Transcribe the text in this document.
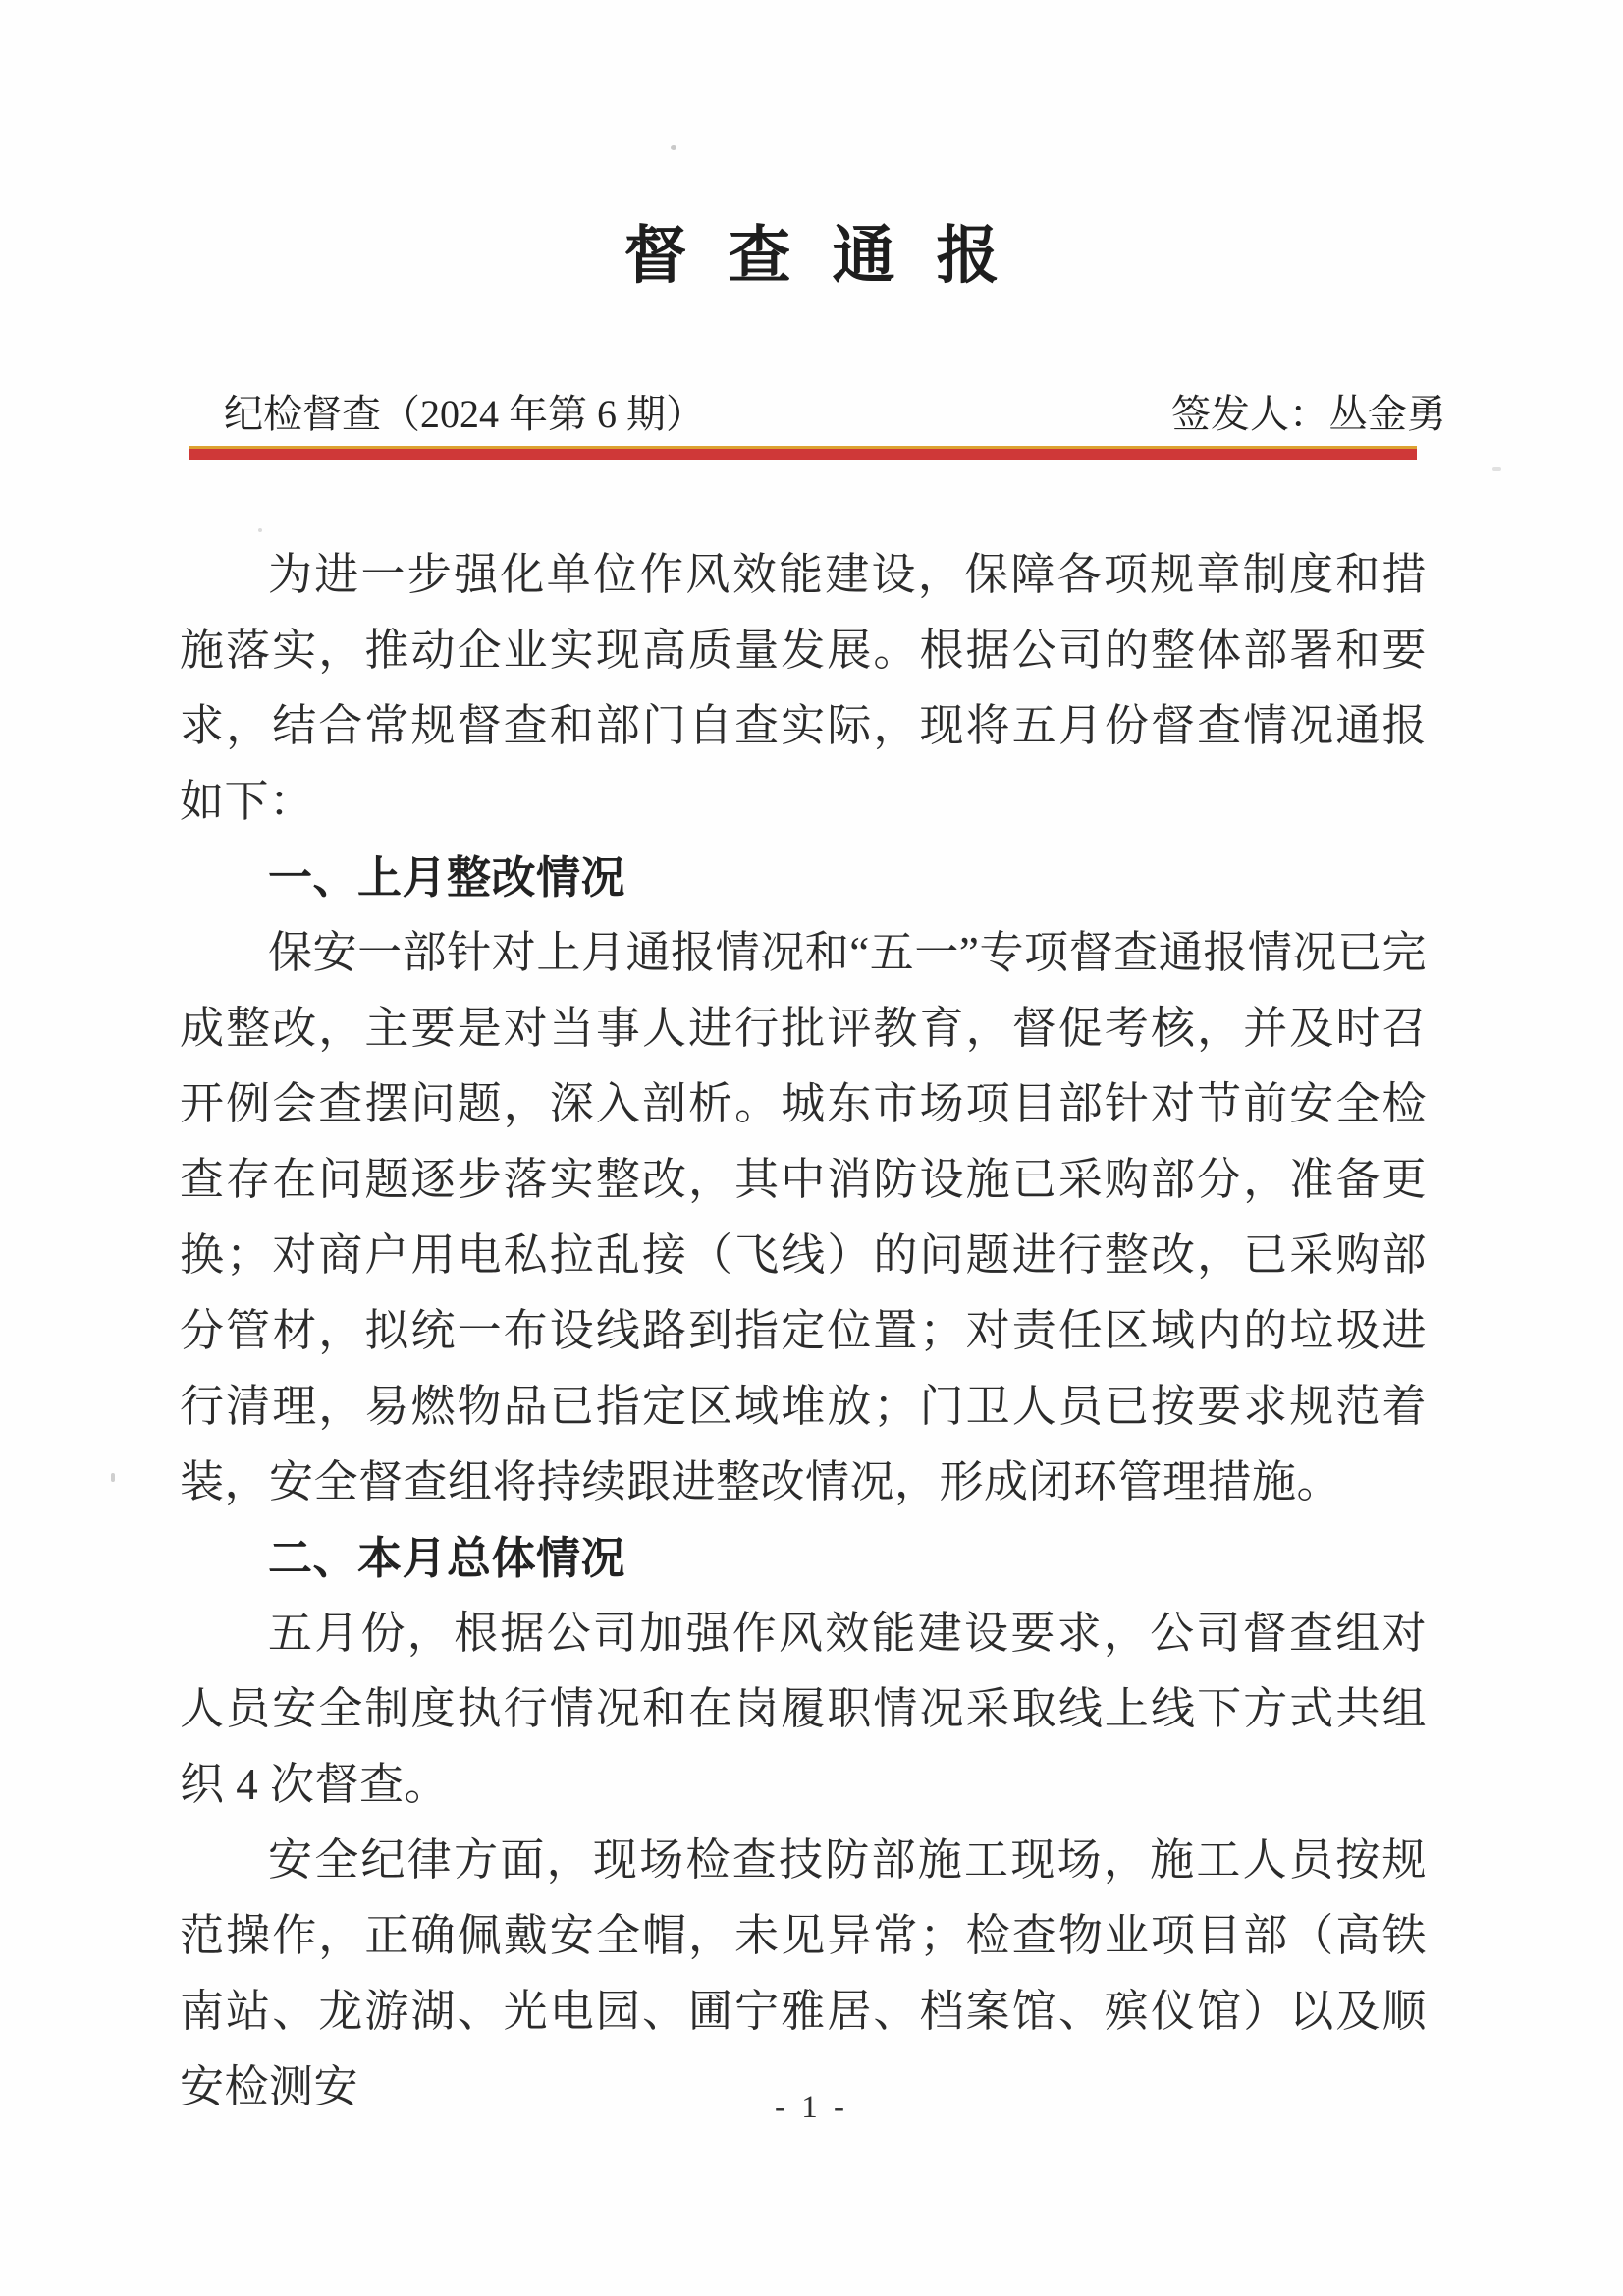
督 查 通 报
纪检督查（2024 年第 6 期）	签发人：丛金勇

为进一步强化单位作风效能建设，保障各项规章制度和措施落实，推动企业实现高质量发展。根据公司的整体部署和要求，结合常规督查和部门自查实际，现将五月份督查情况通报如下：

一、上月整改情况

保安一部针对上月通报情况和“五一”专项督查通报情况已完成整改，主要是对当事人进行批评教育，督促考核，并及时召开例会查摆问题，深入剖析。城东市场项目部针对节前安全检查存在问题逐步落实整改，其中消防设施已采购部分，准备更换；对商户用电私拉乱接（飞线）的问题进行整改，已采购部分管材，拟统一布设线路到指定位置；对责任区域内的垃圾进行清理，易燃物品已指定区域堆放；门卫人员已按要求规范着装，安全督查组将持续跟进整改情况，形成闭环管理措施。

二、本月总体情况

五月份，根据公司加强作风效能建设要求，公司督查组对人员安全制度执行情况和在岗履职情况采取线上线下方式共组织 4 次督查。

安全纪律方面，现场检查技防部施工现场，施工人员按规范操作，正确佩戴安全帽，未见异常；检查物业项目部（高铁南站、龙游湖、光电园、圃宁雅居、档案馆、殡仪馆）以及顺安检测安	- 1 -
